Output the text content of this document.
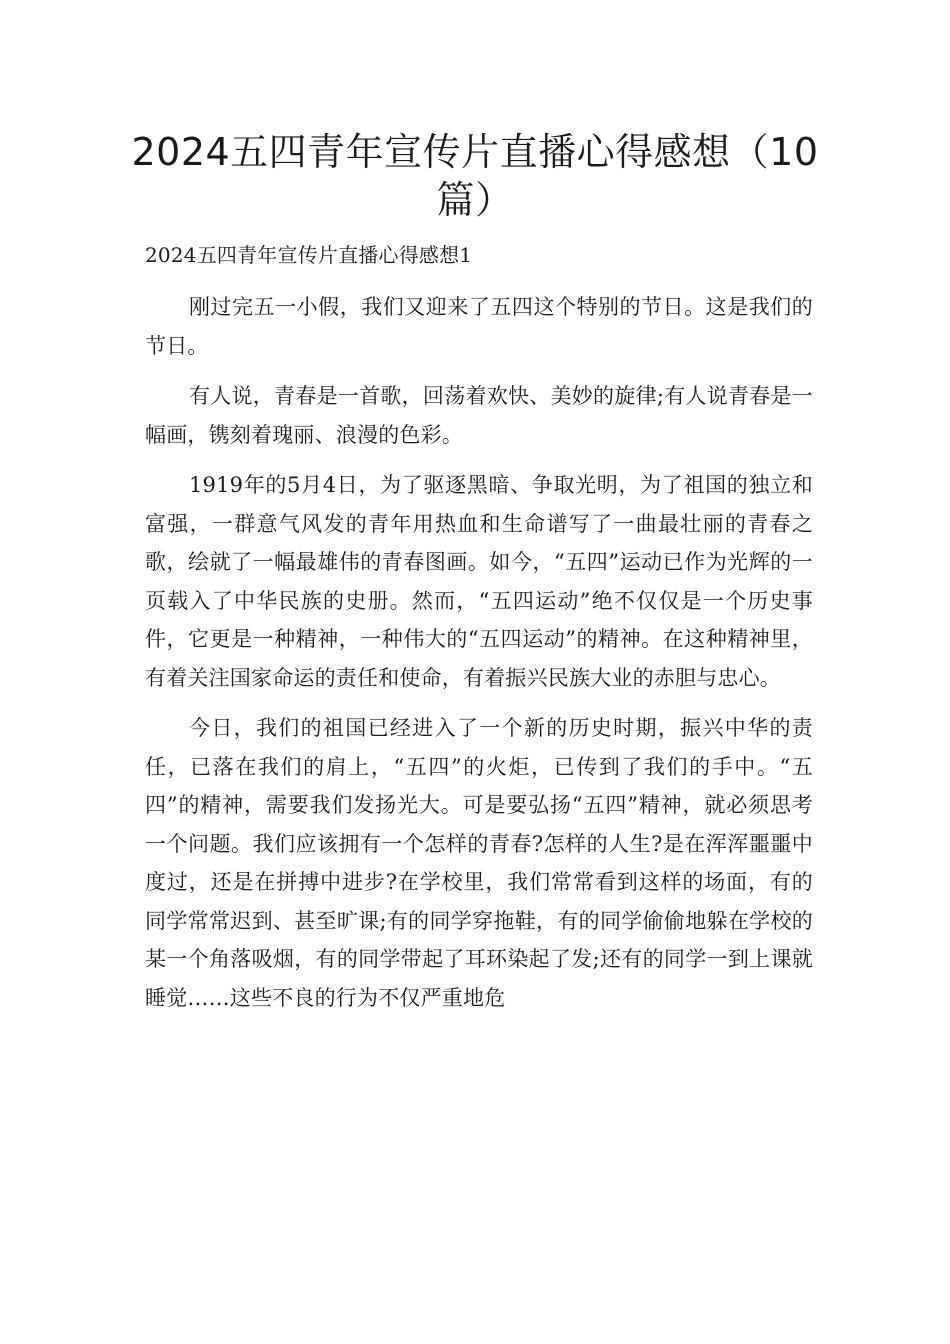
2024五四青年宣传片直播心得感想（10篇）

2024五四青年宣传片直播心得感想1

刚过完五一小假，我们又迎来了五四这个特别的节日。这是我们的节日。

有人说，青春是一首歌，回荡着欢快、美妙的旋律;有人说青春是一幅画，镌刻着瑰丽、浪漫的色彩。

1919年的5月4日，为了驱逐黑暗、争取光明，为了祖国的独立和富强，一群意气风发的青年用热血和生命谱写了一曲最壮丽的青春之歌，绘就了一幅最雄伟的青春图画。如今，“五四”运动已作为光辉的一页载入了中华民族的史册。然而，“五四运动”绝不仅仅是一个历史事件，它更是一种精神，一种伟大的“五四运动”的精神。在这种精神里，有着关注国家命运的责任和使命，有着振兴民族大业的赤胆与忠心。

今日，我们的祖国已经进入了一个新的历史时期，振兴中华的责任，已落在我们的肩上，“五四”的火炬，已传到了我们的手中。“五四”的精神，需要我们发扬光大。可是要弘扬“五四”精神，就必须思考一个问题。我们应该拥有一个怎样的青春?怎样的人生?是在浑浑噩噩中度过，还是在拼搏中进步?在学校里，我们常常看到这样的场面，有的同学常常迟到、甚至旷课;有的同学穿拖鞋，有的同学偷偷地躲在学校的某一个角落吸烟，有的同学带起了耳环染起了发;还有的同学一到上课就睡觉……这些不良的行为不仅严重地危
